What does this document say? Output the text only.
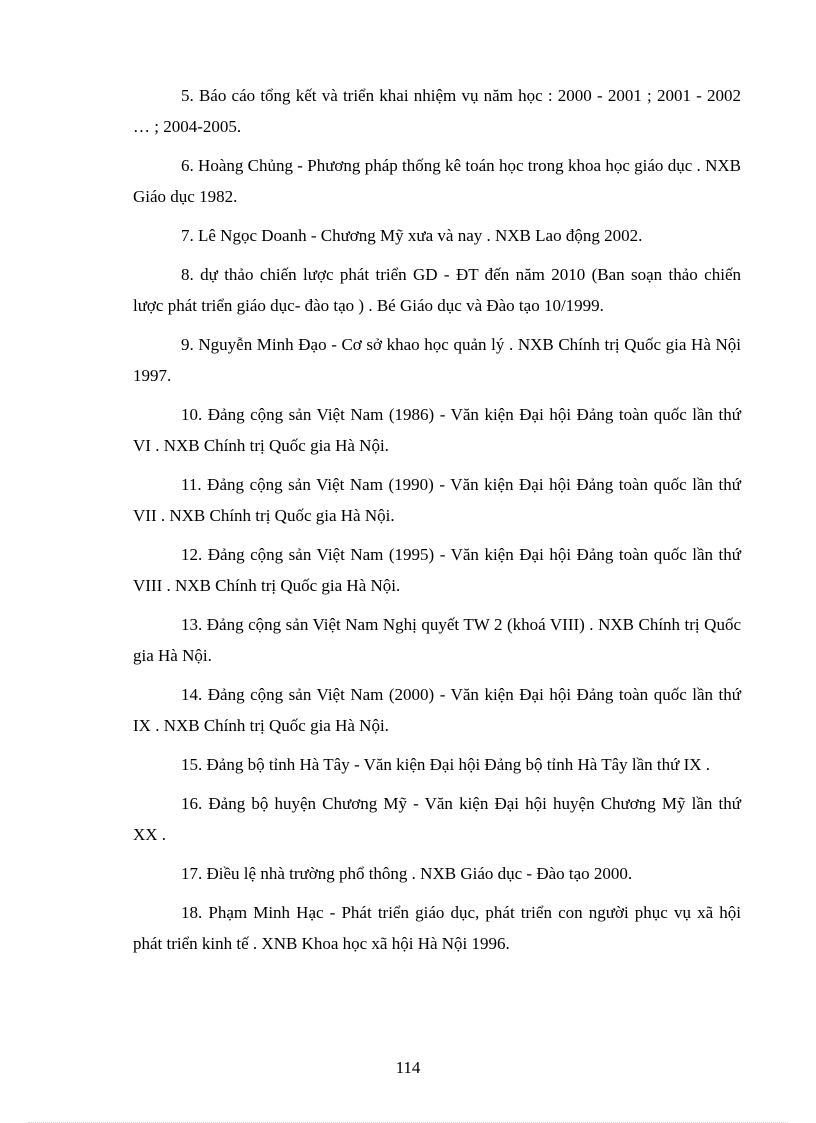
5. Báo cáo tổng kết và triển khai nhiệm vụ năm học : 2000 - 2001 ; 2001 - 2002 … ; 2004-2005.
6. Hoàng Chủng - Phương pháp thống kê toán học trong khoa học giáo dục . NXB Giáo dục 1982.
7. Lê Ngọc Doanh - Chương Mỹ xưa và nay . NXB Lao động 2002.
8. dự thảo chiến lược phát triển GD - ĐT đến năm 2010 (Ban soạn thảo chiến lược phát triển giáo dục- đào tạo ) . Bé Giáo dục và Đào tạo 10/1999.
9. Nguyễn Minh Đạo - Cơ sở khao học quản lý . NXB Chính trị Quốc gia Hà Nội 1997.
10. Đảng cộng sản Việt Nam (1986) - Văn kiện Đại hội Đảng toàn quốc lần thứ VI . NXB Chính trị Quốc gia Hà Nội.
11. Đảng cộng sản Việt Nam (1990) - Văn kiện Đại hội Đảng toàn quốc lần thứ VII . NXB Chính trị Quốc gia Hà Nội.
12. Đảng cộng sản Việt Nam (1995) - Văn kiện Đại hội Đảng toàn quốc lần thứ VIII . NXB Chính trị Quốc gia Hà Nội.
13. Đảng cộng sản Việt Nam Nghị quyết TW 2 (khoá VIII) . NXB Chính trị Quốc gia Hà Nội.
14. Đảng cộng sản Việt Nam (2000) - Văn kiện Đại hội Đảng toàn quốc lần thứ IX . NXB Chính trị Quốc gia Hà Nội.
15. Đảng bộ tỉnh Hà Tây - Văn kiện Đại hội Đảng bộ tỉnh Hà Tây lần thứ IX .
16. Đảng bộ huyện Chương Mỹ - Văn kiện Đại hội huyện Chương Mỹ lần thứ XX .
17. Điều lệ nhà trường phổ thông . NXB Giáo dục - Đào tạo 2000.
18. Phạm Minh Hạc - Phát triển giáo dục, phát triển con người phục vụ xã hội phát triển kinh tế . XNB Khoa học xã hội Hà Nội 1996.
114
